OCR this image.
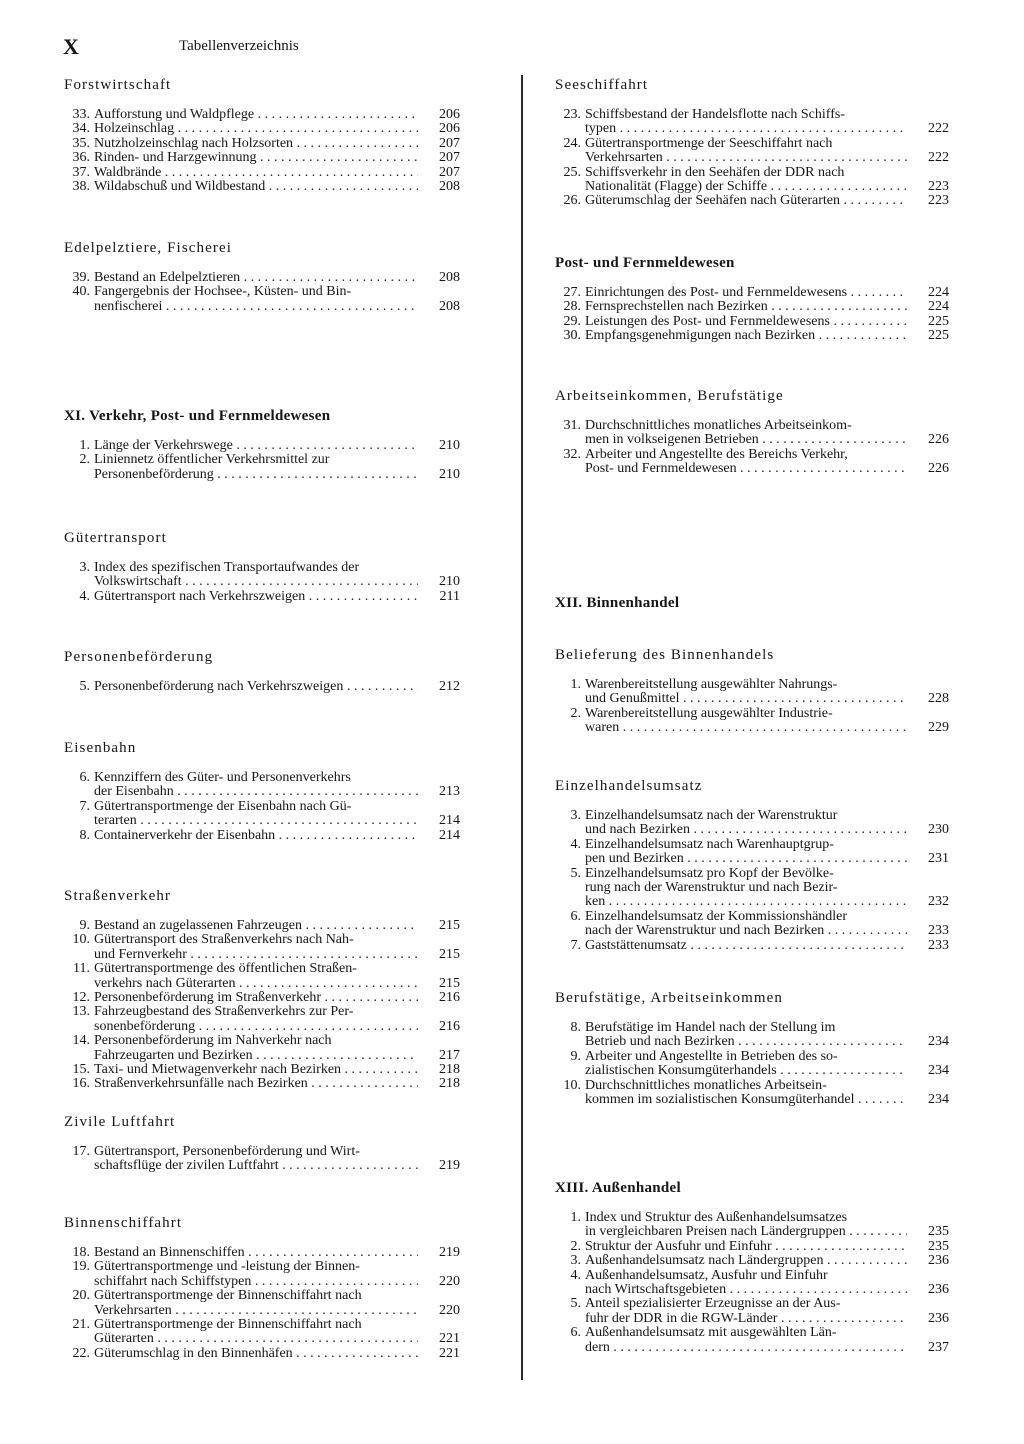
X	Tabellenverzeichnis
Forstwirtschaft
33. Aufforstung und Waldpflege . . .	206
34. Holzeinschlag . . .	206
35. Nutzholzeinschlag nach Holzsorten . . .	207
36. Rinden- und Harzgewinnung . . .	207
37. Waldbrände . . .	207
38. Wildabschuß und Wildbestand . . .	208
Edelpelztiere, Fischerei
39. Bestand an Edelpelztieren . . .	208
40. Fangergebnis der Hochsee-, Küsten- und Bin-
nenfischerei . . .	208
XI. Verkehr, Post- und Fernmeldewesen
1. Länge der Verkehrswege . . .	210
2. Liniennetz öffentlicher Verkehrsmittel zur
Personenbeförderung . . .	210
Gütertransport
3. Index des spezifischen Transportaufwandes der
Volkswirtschaft . . .	210
4. Gütertransport nach Verkehrszweigen . . .	211
Personenbeförderung
5. Personenbeförderung nach Verkehrszweigen . . .	212
Eisenbahn
6. Kennziffern des Güter- und Personenverkehrs
der Eisenbahn . . .	213
7. Gütertransportmenge der Eisenbahn nach Gü-
terarten . . .	214
8. Containerverkehr der Eisenbahn . . .	214
Straßenverkehr
9. Bestand an zugelassenen Fahrzeugen . . .	215
10. Gütertransport des Straßenverkehrs nach Nah-
und Fernverkehr . . .	215
11. Gütertransportmenge des öffentlichen Straßen-
verkehrs nach Güterarten . . .	215
12. Personenbeförderung im Straßenverkehr . . .	216
13. Fahrzeugbestand des Straßenverkehrs zur Per-
sonenbeförderung . . .	216
14. Personenbeförderung im Nahverkehr nach
Fahrzeugarten und Bezirken . . .	217
15. Taxi- und Mietwagenverkehr nach Bezirken . . .	218
16. Straßenverkehrsunfälle nach Bezirken . . .	218
Zivile Luftfahrt
17. Gütertransport, Personenbeförderung und Wirt-
schaftsflüge der zivilen Luftfahrt . . .	219
Binnenschiffahrt
18. Bestand an Binnenschiffen . . .	219
19. Gütertransportmenge und -leistung der Binnen-
schiffahrt nach Schiffstypen . . .	220
20. Gütertransportmenge der Binnenschiffahrt nach
Verkehrsarten . . .	220
21. Gütertransportmenge der Binnenschiffahrt nach
Güterarten . . .	221
22. Güterumschlag in den Binnenhäfen . . .	221
Seeschiffahrt
23. Schiffsbestand der Handelsflotte nach Schiffs-
typen . . .	222
24. Gütertransportmenge der Seeschiffahrt nach
Verkehrsarten . . .	222
25. Schiffsverkehr in den Seehäfen der DDR nach
Nationalität (Flagge) der Schiffe . . .	223
26. Güterumschlag der Seehäfen nach Güterarten . . .	223
Post- und Fernmeldewesen
27. Einrichtungen des Post- und Fernmeldewesens . . .	224
28. Fernsprechstellen nach Bezirken . . .	224
29. Leistungen des Post- und Fernmeldewesens . . .	225
30. Empfangsgenehmigungen nach Bezirken . . .	225
Arbeitseinkommen, Berufstätige
31. Durchschnittliches monatliches Arbeitseinkom-
men in volkseigenen Betrieben . . .	226
32. Arbeiter und Angestellte des Bereichs Verkehr,
Post- und Fernmeldewesen . . .	226
XII. Binnenhandel
Belieferung des Binnenhandels
1. Warenbereitstellung ausgewählter Nahrungs-
und Genußmittel . . .	228
2. Warenbereitstellung ausgewählter Industrie-
waren . . .	229
Einzelhandelsumsatz
3. Einzelhandelsumsatz nach der Warenstruktur
und nach Bezirken . . .	230
4. Einzelhandelsumsatz nach Warenhauptgrup-
pen und Bezirken . . .	231
5. Einzelhandelsumsatz pro Kopf der Bevölke-
rung nach der Warenstruktur und nach Bezir-
ken . . .	232
6. Einzelhandelsumsatz der Kommissionshändler
nach der Warenstruktur und nach Bezirken . . .	233
7. Gaststättenumsatz . . .	233
Berufstätige, Arbeitseinkommen
8. Berufstätige im Handel nach der Stellung im
Betrieb und nach Bezirken . . .	234
9. Arbeiter und Angestellte in Betrieben des so-
zialistischen Konsumgüterhandels . . .	234
10. Durchschnittliches monatliches Arbeitsein-
kommen im sozialistischen Konsumgüterhandel . . .	234
XIII. Außenhandel
1. Index und Struktur des Außenhandelsumsatzes
in vergleichbaren Preisen nach Ländergruppen . . .	235
2. Struktur der Ausfuhr und Einfuhr . . .	235
3. Außenhandelsumsatz nach Ländergruppen . . .	236
4. Außenhandelsumsatz, Ausfuhr und Einfuhr
nach Wirtschaftsgebieten . . .	236
5. Anteil spezialisierter Erzeugnisse an der Aus-
fuhr der DDR in die RGW-Länder . . .	236
6. Außenhandelsumsatz mit ausgewählten Län-
dern . . .	237
